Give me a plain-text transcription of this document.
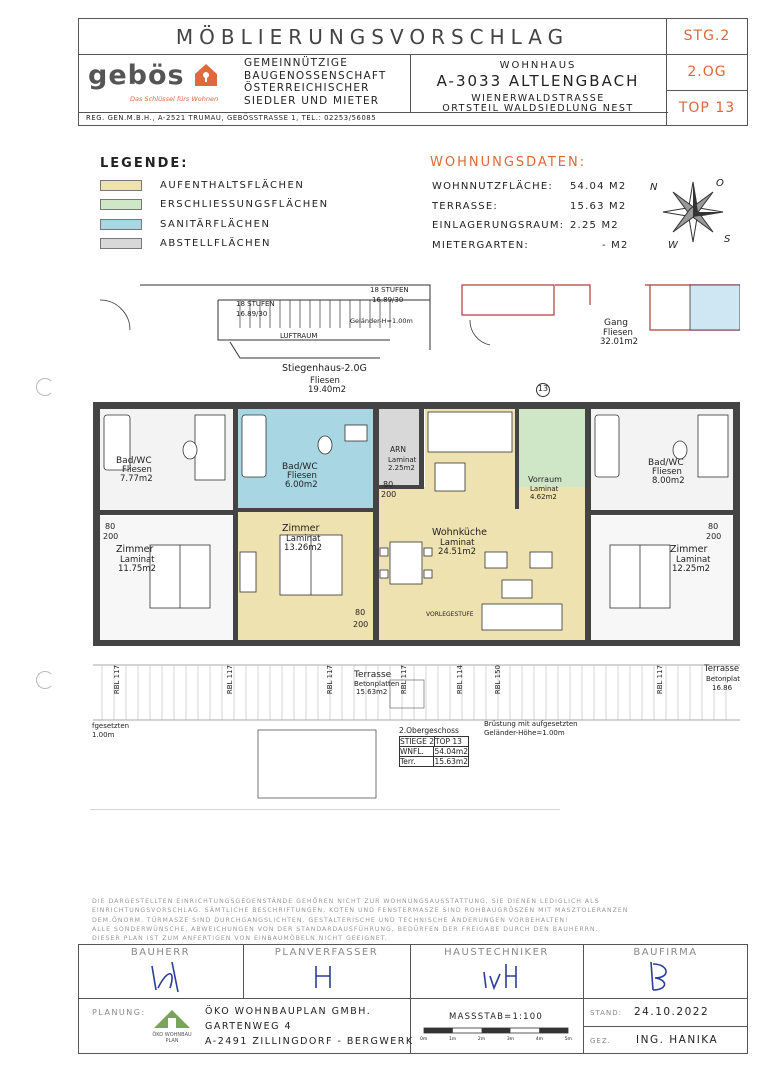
MÖBLIERUNGSVORSCHLAG	STG.2
2.OG
TOP 13
gebös
Das Schlüssel fürs Wohnen
GEMEINNÜTZIGE
BAUGENOSSENSCHAFT
ÖSTERREICHISCHER
SIEDLER UND MIETER
REG. GEN.M.B.H., A-2521 TRUMAU, GEBÖSSTRASSE 1, TEL.: 02253/56085
WOHNHAUS
A-3033 ALTLENGBACH
WIENERWALDSTRASSE
ORTSTEIL WALDSIEDLUNG NEST
LEGENDE:
AUFENTHALTSFLÄCHEN
ERSCHLIESSUNGSFLÄCHEN
SANITÄRFLÄCHEN
ABSTELLFLÄCHEN
WOHNUNGSDATEN:
WOHNNUTZFLÄCHE: 54.04 M2
TERRASSE:	15.63 M2
EINLAGERUNGSRAUM: 2.25 M2
MIETERGARTEN:	- M2
N	O
S
W
18 STUFEN
16.89/30
18 STUFEN
16.89/30
Geländer-H=1.00m
LUFTRAUM
Stiegenhaus-2.0G
Fliesen
19.40m2
Gang
Fliesen
32.01m2
13
Bad/WC
Fliesen
7.77m2
Bad/WC
Fliesen
6.00m2
Bad/WC
Fliesen
8.00m2
ARN
Laminat
2.25m2
Vorraum
Laminat
4.62m2
Zimmer
Laminat
11.75m2
Zimmer
Laminat
13.26m2	Zimmer
Laminat
12.25m2
Wohnküche
Laminat
24.51m2
80
200
80
200
80
200
80
200
VORLEGESTUFE
Terrasse
Betonplatten
15.63m2
Terrasse
Betonplat
16.86
RBL 117	RBL 117	RBL 117	RBL 117	RBL 114	RBL 150	RBL 117
fgesetzten
1.00m
Brüstung mit aufgesetzten
Geländer-Höhe=1.00m
2.Obergeschoss
STIEGE 2 TOP 13
WNFL.	54.04m2
Terr.	15.63m2
DIE DARGESTELLTEN EINRICHTUNGSGEGENSTÄNDE GEHÖREN NICHT ZUR WOHNUNGSAUSSTATTUNG, SIE DIENEN LEDIGLICH ALS
EINRICHTUNGSVORSCHLAG. SÄMTLICHE BESCHRIFTUNGEN, KOTEN UND FENSTERMASZE SIND ROHBAUGRÖSZEN MIT MASZTOLERANZEN
DEM.ÖNORM. TÜRMASZE SIND DURCHGANGSLICHTEN. GESTALTERISCHE UND TECHNISCHE ÄNDERUNGEN VORBEHALTEN!
ALLE SONDERWÜNSCHE, ABWEICHUNGEN VON DER STANDARDAUSFÜHRUNG, BEDÜRFEN DER FREIGABE DURCH DEN BAUHERRN.
DIESER PLAN IST ZUM ANFERTIGEN VON EINBAUMÖBELN NICHT GEEIGNET.
BAUHERR	PLANVERFASSER	HAUSTECHNIKER	BAUFIRMA
PLANUNG:
ÖKO WOHNBAU PLAN
ÖKO WOHNBAUPLAN GMBH.
GARTENWEG 4
A-2491 ZILLINGDORF - BERGWERK
MASSSTAB=1:100
0m	1m	2m	3m	4m	5m
STAND: 24.10.2022
GEZ. ING. HANIKA
